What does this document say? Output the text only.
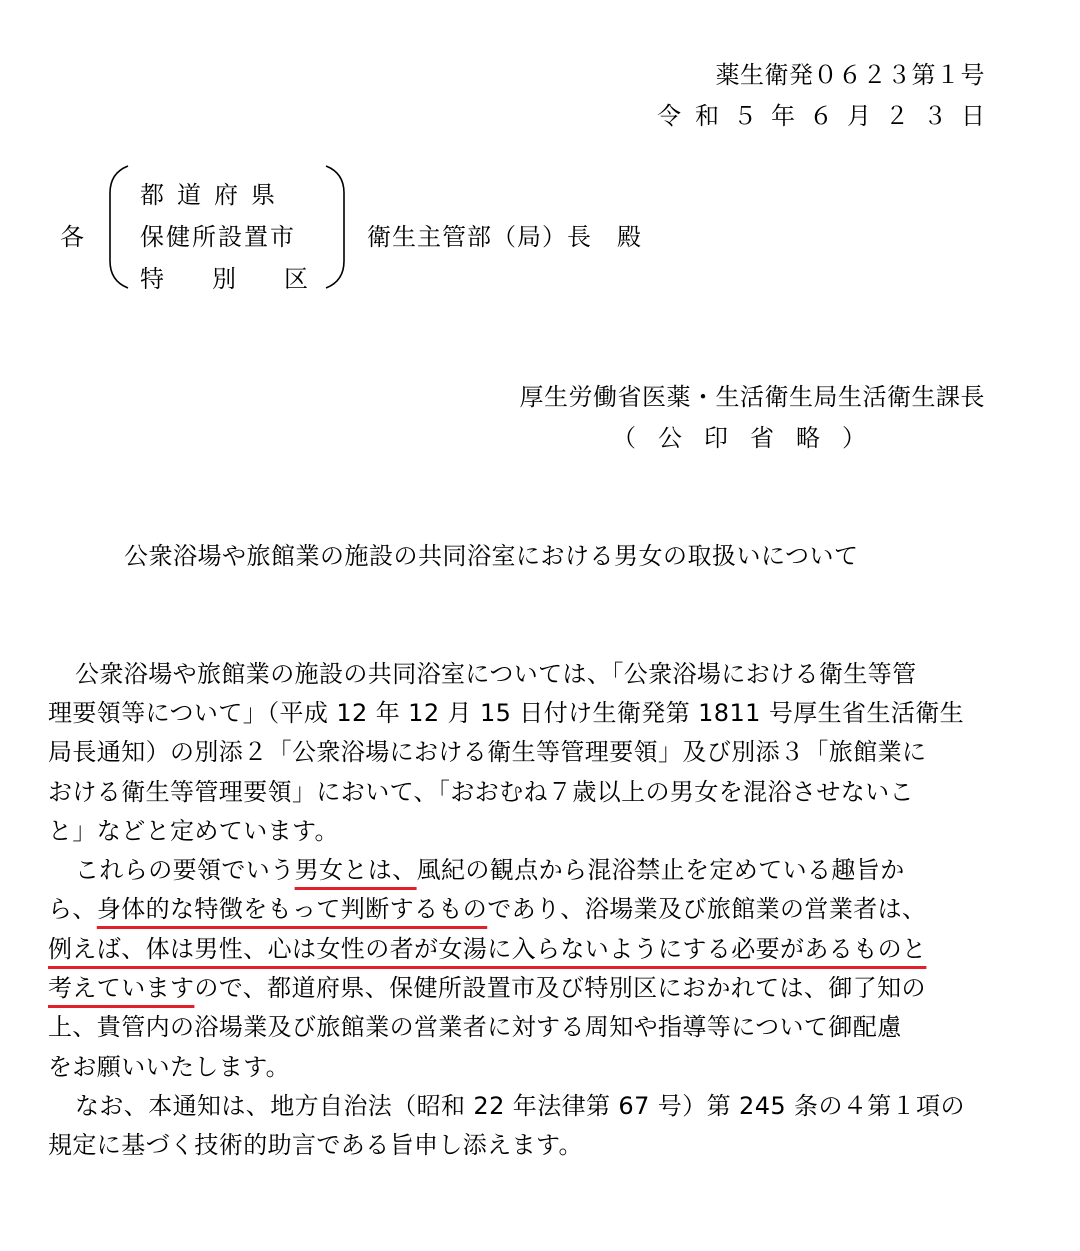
薬生衛発０６２３第１号
令和５年６月２３日
各
都道府県
保健所設置市
特別区
衛生主管部（局）長　殿
厚生労働省医薬・生活衛生局生活衛生課長
（公印省略）
公衆浴場や旅館業の施設の共同浴室における男女の取扱いについて
公衆浴場や旅館業の施設の共同浴室については、「公衆浴場における衛生等管
理要領等について」（平成 12 年 12 月 15 日付け生衛発第 1811 号厚生省生活衛生
局長通知）の別添２「公衆浴場における衛生等管理要領」及び別添３「旅館業に
おける衛生等管理要領」において、「おおむね７歳以上の男女を混浴させないこ
と」などと定めています。
これらの要領でいう男女とは、風紀の観点から混浴禁止を定めている趣旨か
ら、身体的な特徴をもって判断するものであり、浴場業及び旅館業の営業者は、
例えば、体は男性、心は女性の者が女湯に入らないようにする必要があるものと
考えていますので、都道府県、保健所設置市及び特別区におかれては、御了知の
上、貴管内の浴場業及び旅館業の営業者に対する周知や指導等について御配慮
をお願いいたします。
なお、本通知は、地方自治法（昭和 22 年法律第 67 号）第 245 条の４第１項の
規定に基づく技術的助言である旨申し添えます。
